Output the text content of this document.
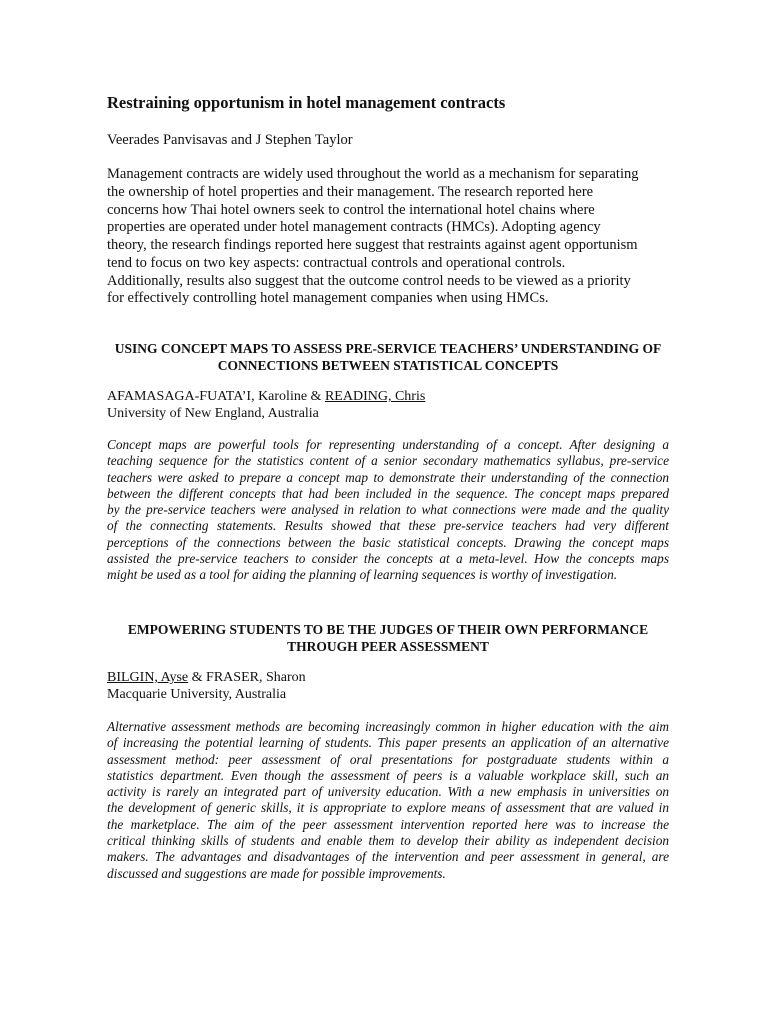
Restraining opportunism in hotel management contracts
Veerades Panvisavas and J Stephen Taylor
Management contracts are widely used throughout the world as a mechanism for separating
the ownership of hotel properties and their management. The research reported here
concerns how Thai hotel owners seek to control the international hotel chains where
properties are operated under hotel management contracts (HMCs). Adopting agency
theory, the research findings reported here suggest that restraints against agent opportunism
tend to focus on two key aspects: contractual controls and operational controls.
Additionally, results also suggest that the outcome control needs to be viewed as a priority
for effectively controlling hotel management companies when using HMCs.
USING CONCEPT MAPS TO ASSESS PRE-SERVICE TEACHERS’ UNDERSTANDING OF
CONNECTIONS BETWEEN STATISTICAL CONCEPTS
AFAMASAGA-FUATA’I, Karoline & READING, Chris
University of New England, Australia
Concept maps are powerful tools for representing understanding of a concept. After designing a
teaching sequence for the statistics content of a senior secondary mathematics syllabus, pre-service
teachers were asked to prepare a concept map to demonstrate their understanding of the connection
between the different concepts that had been included in the sequence. The concept maps prepared
by the pre-service teachers were analysed in relation to what connections were made and the quality
of the connecting statements. Results showed that these pre-service teachers had very different
perceptions of the connections between the basic statistical concepts. Drawing the concept maps
assisted the pre-service teachers to consider the concepts at a meta-level. How the concepts maps
might be used as a tool for aiding the planning of learning sequences is worthy of investigation.
EMPOWERING STUDENTS TO BE THE JUDGES OF THEIR OWN PERFORMANCE
THROUGH PEER ASSESSMENT
BILGIN, Ayse & FRASER, Sharon
Macquarie University, Australia
Alternative assessment methods are becoming increasingly common in higher education with the aim
of increasing the potential learning of students. This paper presents an application of an alternative
assessment method: peer assessment of oral presentations for postgraduate students within a
statistics department. Even though the assessment of peers is a valuable workplace skill, such an
activity is rarely an integrated part of university education. With a new emphasis in universities on
the development of generic skills, it is appropriate to explore means of assessment that are valued in
the marketplace. The aim of the peer assessment intervention reported here was to increase the
critical thinking skills of students and enable them to develop their ability as independent decision
makers. The advantages and disadvantages of the intervention and peer assessment in general, are
discussed and suggestions are made for possible improvements.
